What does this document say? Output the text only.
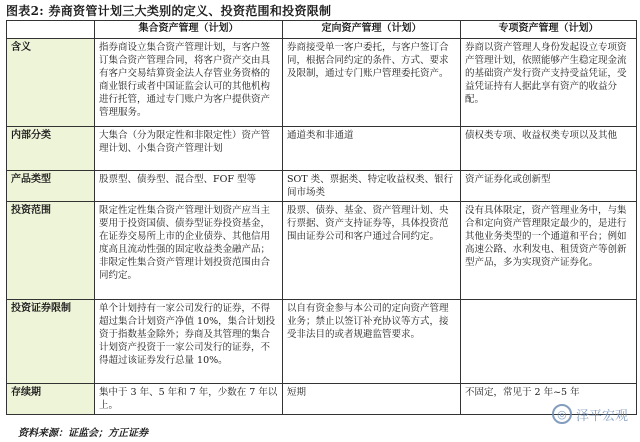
图表2: 券商资管计划三大类别的定义、投资范围和投资限制
	集合资产管理（计划）	定向资产管理（计划）	专项资产管理（计划）
含义	指券商设立集合资产管理计划，与客户签订集合资产管理合同，将客户资产交由具有客户交易结算资金法人存管业务资格的商业银行或者中国证监会认可的其他机构进行托管，通过专门账户为客户提供资产管理服务。	券商接受单一客户委托，与客户签订合同，根据合同约定的条件、方式、要求及限制，通过专门账户管理委托资产。	券商以资产管理人身份发起设立专项资产管理计划，依照能够产生稳定现金流的基础资产发行资产支持受益凭证，受益凭证持有人据此享有资产的收益分配。
内部分类	大集合（分为限定性和非限定性）资产管理计划、小集合资产管理计划	通道类和非通道	债权类专项、收益权类专项以及其他
产品类型	股票型、债券型、混合型、FOF 型等	SOT 类、票据类、特定收益权类、银行间市场类	资产证券化或创新型
投资范围	限定性定性集合资产管理计划资产应当主要用于投资国债、债券型证券投资基金，在证券交易所上市的企业债券、其他信用度高且流动性强的固定收益类金融产品；非限定性集合资产管理计划投资范围由合同约定。	股票、债券、基金、资产管理计划、央行票据、资产支持证券等，具体投资范围由证券公司和客户通过合同约定。	没有具体限定，资产管理业务中，与集合和定向资产管理限定最少的，是进行其他业务类型的一个通道和平台；例如高速公路、水利发电、租赁资产等创新型产品，多为实现资产证券化。
投资证券限制	单个计划持有一家公司发行的证券，不得超过集合计划资产净值 10%，集合计划投资于指数基金除外；券商及其管理的集合计划资产投资于一家公司发行的证券，不得超过该证券发行总量 10%。	以自有资金参与本公司的定向资产管理业务；禁止以签订补充协议等方式，接受非法目的或者规避监管要求。	
存续期	集中于 3 年、5 年和 7 年，少数在 7 年以上。	短期	不固定，常见于 2 年~5 年
◎ 泽平宏观
资料来源：证监会；方正证券
